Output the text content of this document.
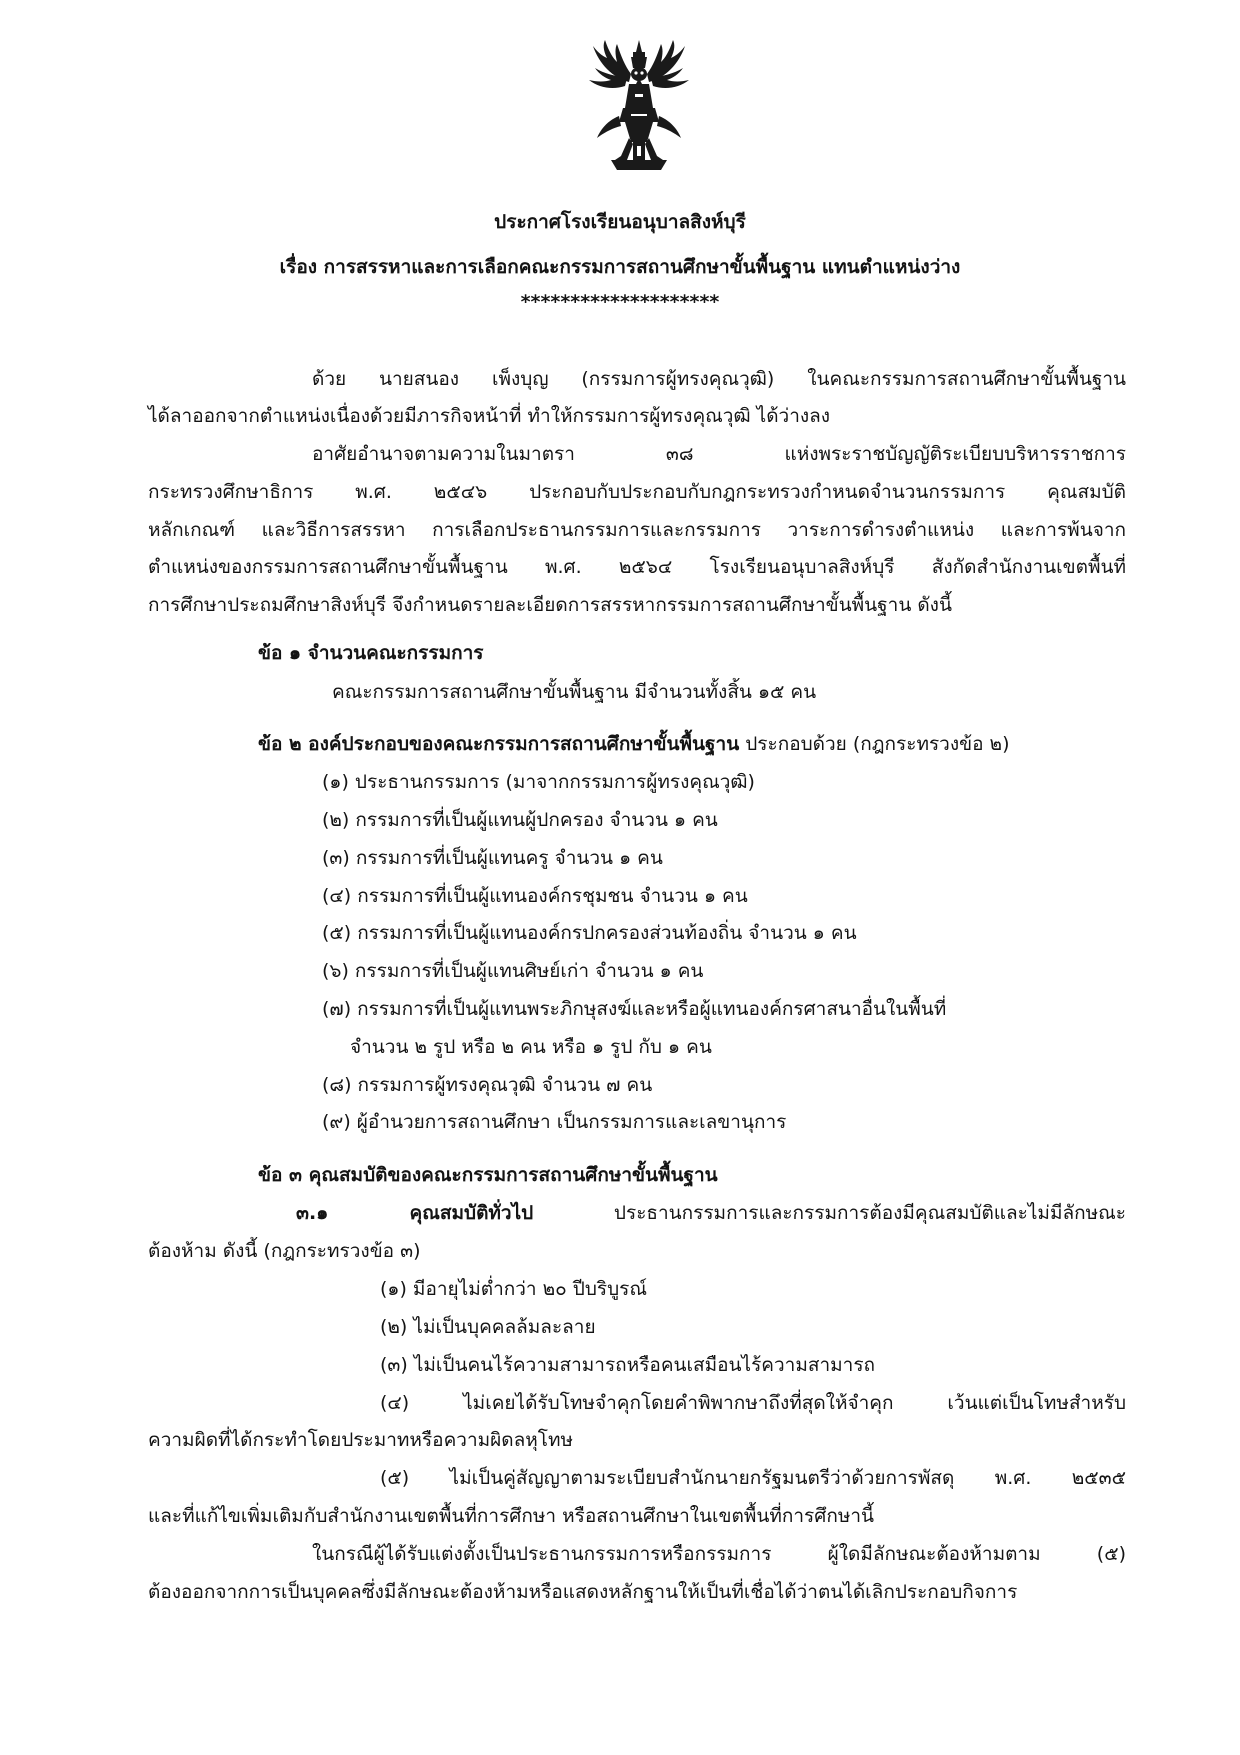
ประกาศโรงเรียนอนุบาลสิงห์บุรี
เรื่อง การสรรหาและการเลือกคณะกรรมการสถานศึกษาขั้นพื้นฐาน แทนตำแหน่งว่าง
********************
ด้วย นายสนอง เพ็งบุญ (กรรมการผู้ทรงคุณวุฒิ) ในคณะกรรมการสถานศึกษาขั้นพื้นฐาน
ได้ลาออกจากตำแหน่งเนื่องด้วยมีภารกิจหน้าที่ ทำให้กรรมการผู้ทรงคุณวุฒิ ได้ว่างลง
อาศัยอำนาจตามความในมาตรา ๓๘ แห่งพระราชบัญญัติระเบียบบริหารราชการ
กระทรวงศึกษาธิการ พ.ศ. ๒๕๔๖ ประกอบกับประกอบกับกฎกระทรวงกำหนดจำนวนกรรมการ คุณสมบัติ
หลักเกณฑ์ และวิธีการสรรหา การเลือกประธานกรรมการและกรรมการ วาระการดำรงตำแหน่ง และการพ้นจาก
ตำแหน่งของกรรมการสถานศึกษาขั้นพื้นฐาน พ.ศ. ๒๕๖๔ โรงเรียนอนุบาลสิงห์บุรี สังกัดสำนักงานเขตพื้นที่
การศึกษาประถมศึกษาสิงห์บุรี จึงกำหนดรายละเอียดการสรรหากรรมการสถานศึกษาขั้นพื้นฐาน ดังนี้
ข้อ ๑ จำนวนคณะกรรมการ
คณะกรรมการสถานศึกษาขั้นพื้นฐาน มีจำนวนทั้งสิ้น ๑๕ คน
ข้อ ๒ องค์ประกอบของคณะกรรมการสถานศึกษาขั้นพื้นฐาน ประกอบด้วย (กฎกระทรวงข้อ ๒)
(๑) ประธานกรรมการ (มาจากกรรมการผู้ทรงคุณวุฒิ)
(๒) กรรมการที่เป็นผู้แทนผู้ปกครอง จำนวน ๑ คน
(๓) กรรมการที่เป็นผู้แทนครู จำนวน ๑ คน
(๔) กรรมการที่เป็นผู้แทนองค์กรชุมชน จำนวน ๑ คน
(๕) กรรมการที่เป็นผู้แทนองค์กรปกครองส่วนท้องถิ่น จำนวน ๑ คน
(๖) กรรมการที่เป็นผู้แทนศิษย์เก่า จำนวน ๑ คน
(๗) กรรมการที่เป็นผู้แทนพระภิกษุสงฆ์และหรือผู้แทนองค์กรศาสนาอื่นในพื้นที่
จำนวน ๒ รูป หรือ ๒ คน หรือ ๑ รูป กับ ๑ คน
(๘) กรรมการผู้ทรงคุณวุฒิ จำนวน ๗ คน
(๙) ผู้อำนวยการสถานศึกษา เป็นกรรมการและเลขานุการ
ข้อ ๓ คุณสมบัติของคณะกรรมการสถานศึกษาขั้นพื้นฐาน
๓.๑ คุณสมบัติทั่วไป ประธานกรรมการและกรรมการต้องมีคุณสมบัติและไม่มีลักษณะ
ต้องห้าม ดังนี้ (กฎกระทรวงข้อ ๓)
(๑) มีอายุไม่ต่ำกว่า ๒๐ ปีบริบูรณ์
(๒) ไม่เป็นบุคคลล้มละลาย
(๓) ไม่เป็นคนไร้ความสามารถหรือคนเสมือนไร้ความสามารถ
(๔) ไม่เคยได้รับโทษจำคุกโดยคำพิพากษาถึงที่สุดให้จำคุก เว้นแต่เป็นโทษสำหรับ
ความผิดที่ได้กระทำโดยประมาทหรือความผิดลหุโทษ
(๕) ไม่เป็นคู่สัญญาตามระเบียบสำนักนายกรัฐมนตรีว่าด้วยการพัสดุ พ.ศ. ๒๕๓๕
และที่แก้ไขเพิ่มเติมกับสำนักงานเขตพื้นที่การศึกษา หรือสถานศึกษาในเขตพื้นที่การศึกษานี้
ในกรณีผู้ได้รับแต่งตั้งเป็นประธานกรรมการหรือกรรมการ ผู้ใดมีลักษณะต้องห้ามตาม (๕)
ต้องออกจากการเป็นบุคคลซึ่งมีลักษณะต้องห้ามหรือแสดงหลักฐานให้เป็นที่เชื่อได้ว่าตนได้เลิกประกอบกิจการ
